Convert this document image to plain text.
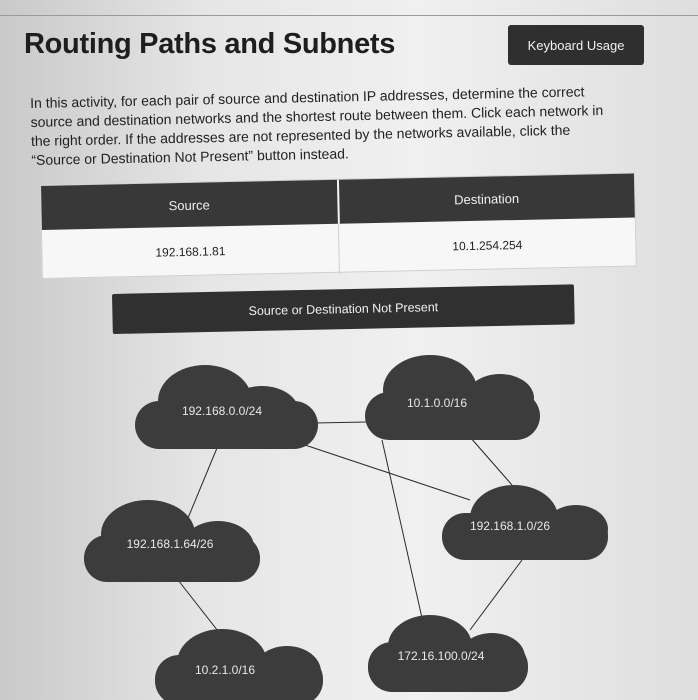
Routing Paths and Subnets	Keyboard Usage

In this activity, for each pair of source and destination IP addresses, determine the correct source and destination networks and the shortest route between them. Click each network in the right order. If the addresses are not represented by the networks available, click the “Source or Destination Not Present” button instead.

Source	Destination
192.168.1.81	10.1.254.254
Source or Destination Not Present
192.168.0.0/24
10.1.0.0/16
192.168.1.0/26
192.168.1.64/26
10.2.1.0/16
172.16.100.0/24
